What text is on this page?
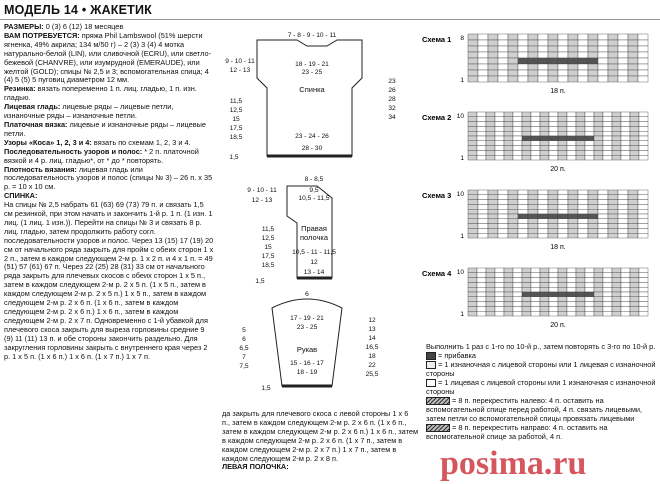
МОДЕЛЬ 14 • ЖАКЕТИК

РАЗМЕРЫ: 0 (3) 6 (12) 18 месяцев

ВАМ ПОТРЕБУЕТСЯ: пряжа Phil Lambswool (51% шерсти ягненка, 49% акрила; 134 м/50 г) – 2 (3) 3 (4) 4 мотка натурально-белой (LIN), или сливочной (ECRU), или светло-бежевой (CHANVRE), или изумрудной (EMERAUDE), или желтой (GOLD); спицы № 2,5 и 3; вспомогательная спица; 4 (4) 5 (5) 5 пуговиц диаметром 12 мм.

Резинка: вязать попеременно 1 п. лиц. гладью, 1 п. изн. гладью.

Лицевая гладь: лицевые ряды – лицевые петли, изнаночные ряды – изнаночные петли.

Платочная вязка: лицевые и изнаночные ряды – лицевые петли.

Узоры «Коса» 1, 2, 3 и 4: вязать по схемам 1, 2, 3 и 4.

Последовательность узоров и полос: * 2 п. платочной вязкой и 4 р. лиц. гладью*, от * до * повторять.

Плотность вязания: лицевая гладь или последовательность узоров и полос (спицы № 3) – 26 п. x 35 р. = 10 x 10 см.

СПИНКА:

На спицы № 2,5 набрать 61 (63) 69 (73) 79 п. и связать 1,5 см резинкой, при этом начать и закончить 1-й р. 1 п. (1 изн. 1 лиц. (1 лиц. 1 изн.)). Перейти на спицы № 3 и связать 8 р. лиц. гладью, затем продолжить работу согл. последовательности узоров и полос. Через 13 (15) 17 (19) 20 см от начального ряда закрыть для пройм с обеих сторон 1 x 2 п., затем в каждом следующем 2-м р. 1 x 2 п. и 4 x 1 п. = 49 (51) 57 (61) 67 п. Через 22 (25) 28 (31) 33 см от начального ряда закрыть для плечевых скосов с обеих сторон 1 x 5 п., затем в каждом следующем 2-м р. 2 x 5 п. (1 x 5 п., затем в каждом следующем 2-м р. 2 x 5 п.) 1 x 5 п., затем в каждом следующем 2-м р. 2 x 6 п. (1 x 6 п., затем в каждом следующем 2-м р. 2 x 6 п.) 1 x 6 п., затем в каждом следующем 2-м р. 2 x 7 п. Одновременно с 1-й убавкой для плечевого скоса закрыть для выреза горловины средние 9 (9) 11 (11) 13 п. и обе стороны закончить раздельно. Для закругления горловины закрыть с внутреннего края через 2 р. 1 x 5 п. (1 x 6 п.) 1 x 6 п. (1 x 7 п.) 1 x 7 п.

7 - 8 - 9 - 10 - 11
18 - 19 - 21
23 - 25
Спинка
23 - 24 - 26
28 - 30
9 - 10 - 11
12 - 13
11,5
12,5
15
17,5
18,5
23
26
28
32
34
1,5
8 - 8,5
9,5
10,5 - 11,5
9 - 10 - 11
12 - 13
Правая
полочка
10,5 - 11 - 11,5
12
13 - 14
11,5
12,5
15
17,5
18,5
1,5
6
17 - 19 - 21
23 - 25
Рукав
15 - 16 - 17
18 - 19
5
6
6,5
7
7,5
12
13
14
16,5
18
22
25,5
1,5
Схема 1 8
1
18 п.
Схема 2 10
1
20 п.
Схема 3 10
1
18 п.
Схема 4 10
1
20 п.

да закрыть для плечевого скоса с левой стороны 1 x 6 п., затем в каждом следующем 2-м р. 2 x 6 п. (1 x 6 п., затем в каждом следующем 2-м р. 2 x 6 п.) 1 x 6 п., затем в каждом следующем 2-м р. 2 x 6 п. (1 x 7 п., затем в каждом следующем 2-м р. 2 x 7 п.) 1 x 7 п., затем в каждом следующем 2-м р. 2 x 8 п.

ЛЕВАЯ ПОЛОЧКА:

Выполнить 1 раз с 1-го по 10-й р., затем повторять с 3-го по 10-й р.

= прибавка

= 1 изнаночная с лицевой стороны или 1 лицевая с изнаночной стороны

= 1 лицевая с лицевой стороны или 1 изнаночная с изнаночной стороны

= 8 п. перекрестить налево: 4 п. оставить на вспомогательной спице перед работой, 4 п. связать лицевыми, затем петли со вспомогательной спицы провязать лицевыми

= 8 п. перекрестить направо: 4 п. оставить на вспомогательной спице за работой, 4 п.

posima.ru
